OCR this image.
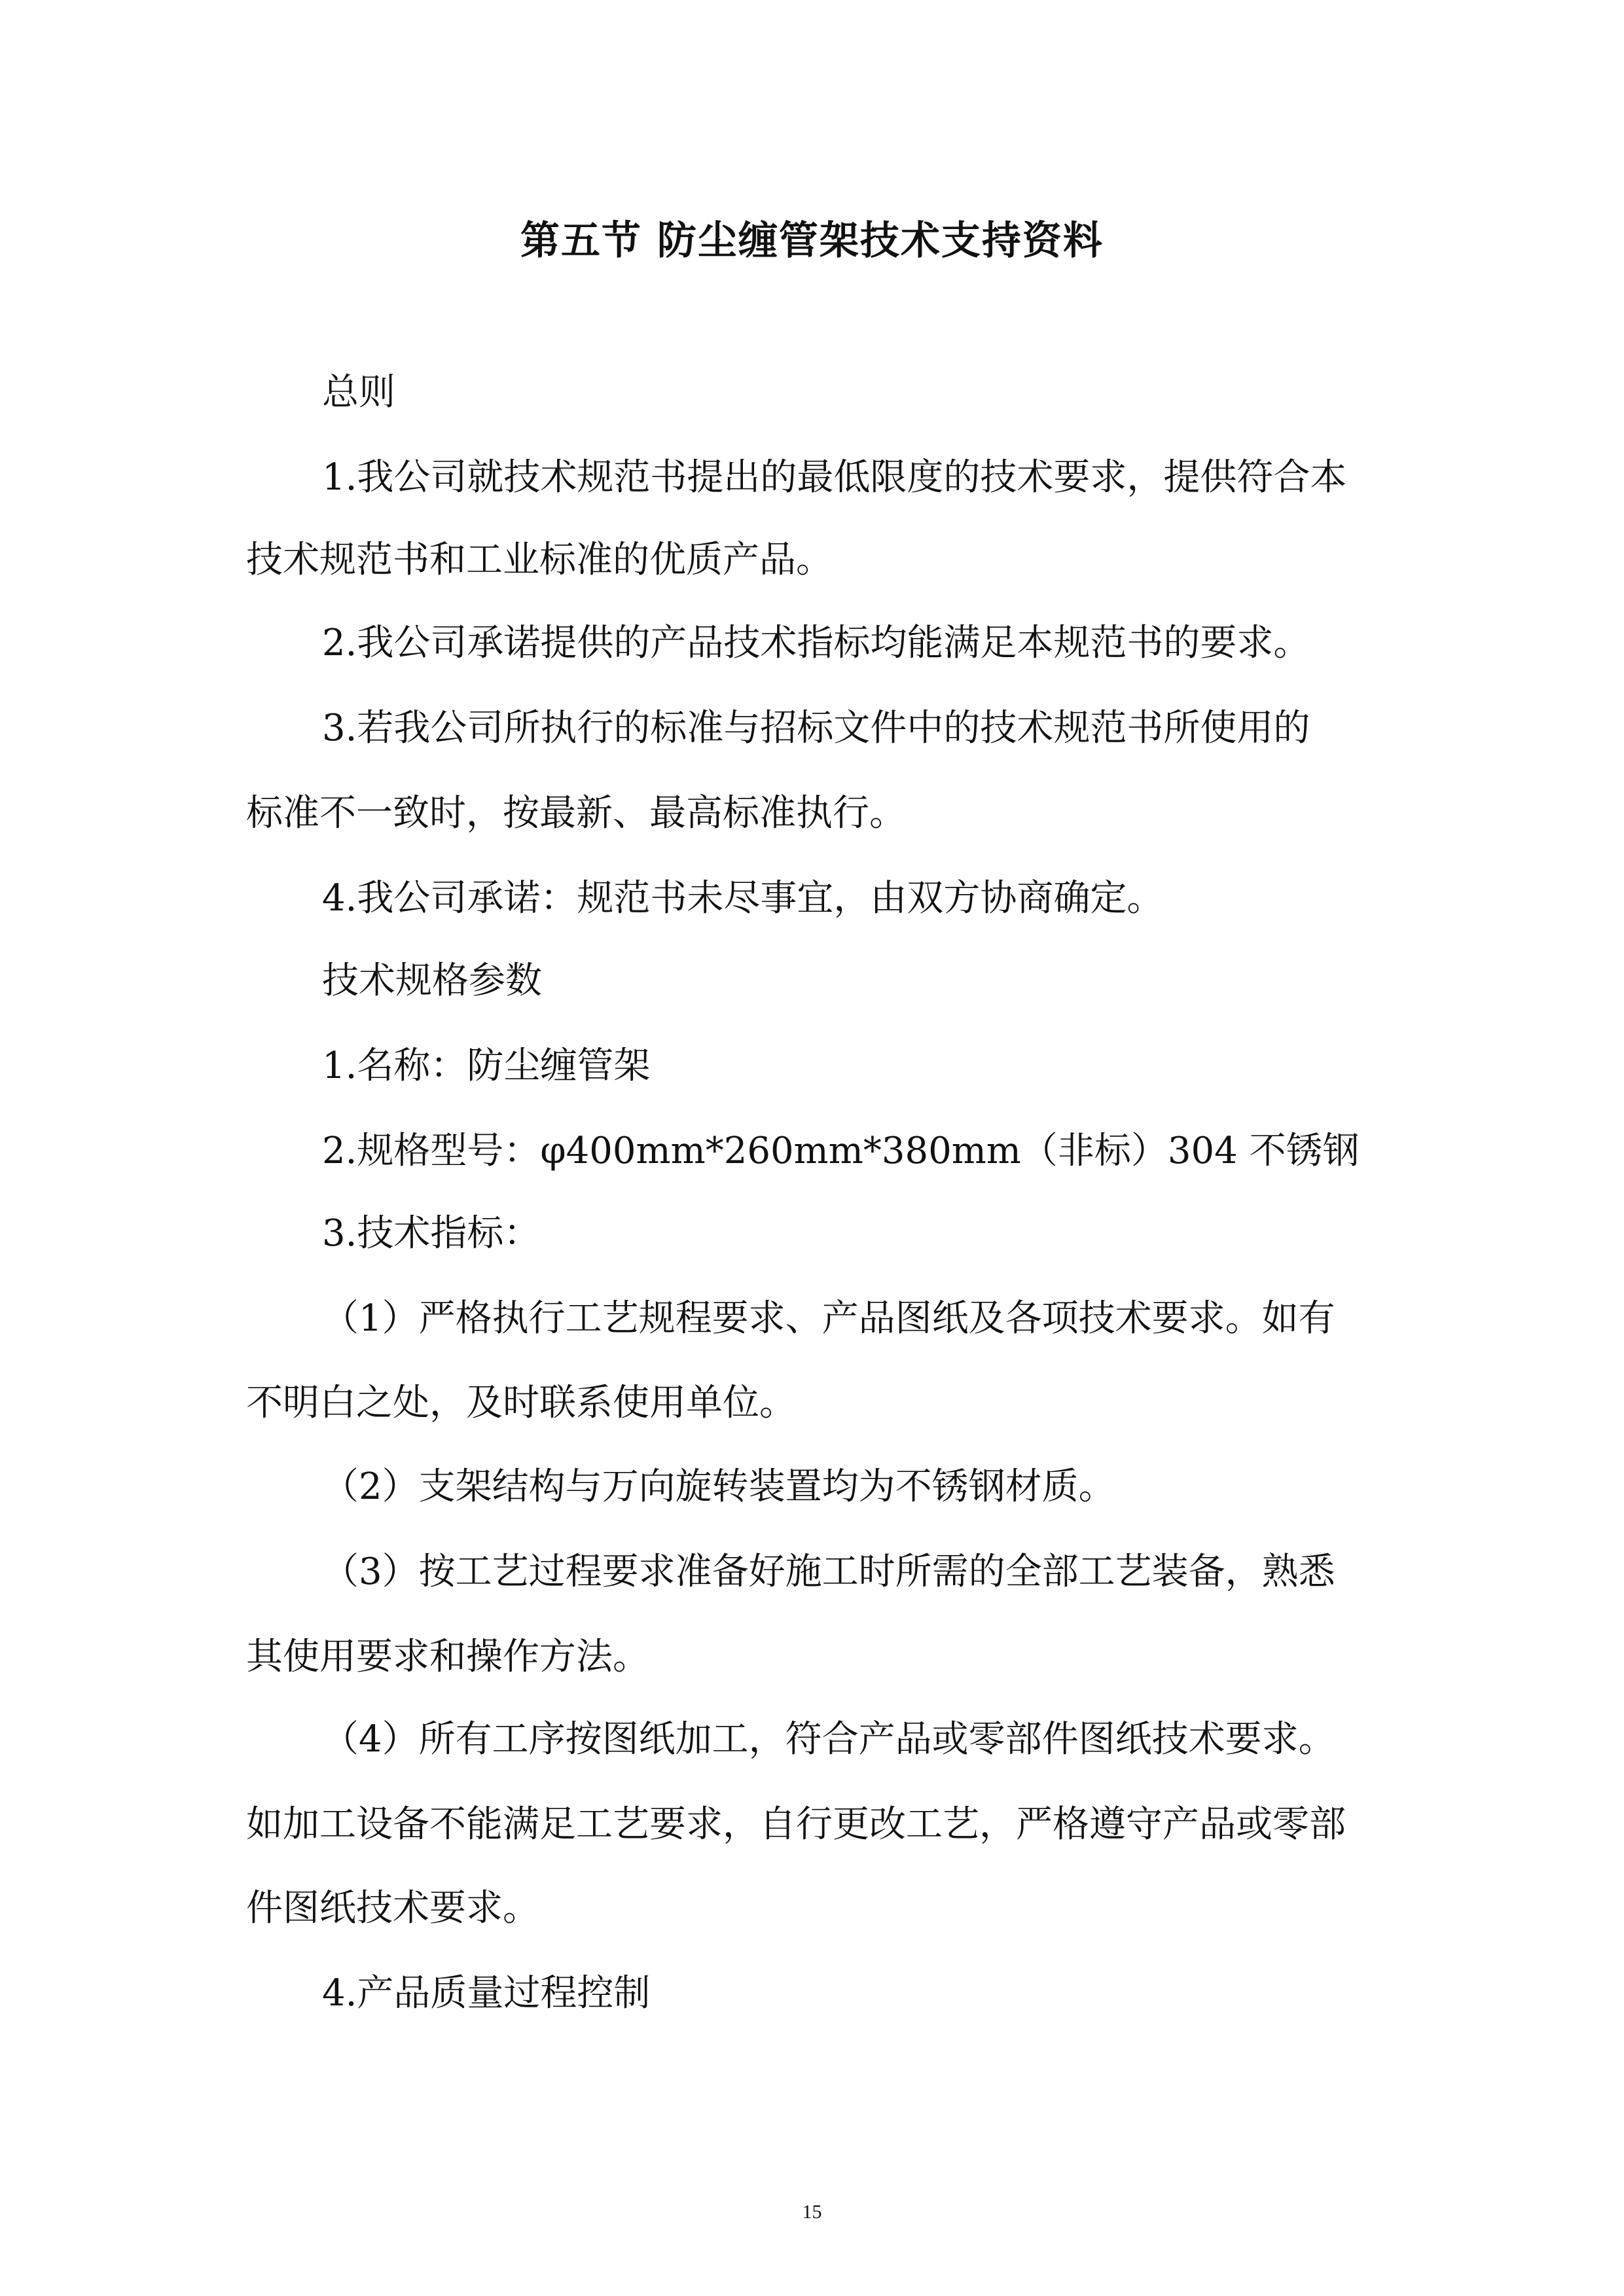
第五节 防尘缠管架技术支持资料
总则
1.我公司就技术规范书提出的最低限度的技术要求，提供符合本
技术规范书和工业标准的优质产品。
2.我公司承诺提供的产品技术指标均能满足本规范书的要求。
3.若我公司所执行的标准与招标文件中的技术规范书所使用的
标准不一致时，按最新、最高标准执行。
4.我公司承诺：规范书未尽事宜，由双方协商确定。
技术规格参数
1.名称：防尘缠管架
2.规格型号：φ400mm*260mm*380mm（非标）304 不锈钢
3.技术指标：
（1）严格执行工艺规程要求、产品图纸及各项技术要求。如有
不明白之处，及时联系使用单位。
（2）支架结构与万向旋转装置均为不锈钢材质。
（3）按工艺过程要求准备好施工时所需的全部工艺装备，熟悉
其使用要求和操作方法。
（4）所有工序按图纸加工，符合产品或零部件图纸技术要求。
如加工设备不能满足工艺要求，自行更改工艺，严格遵守产品或零部
件图纸技术要求。
4.产品质量过程控制
15
